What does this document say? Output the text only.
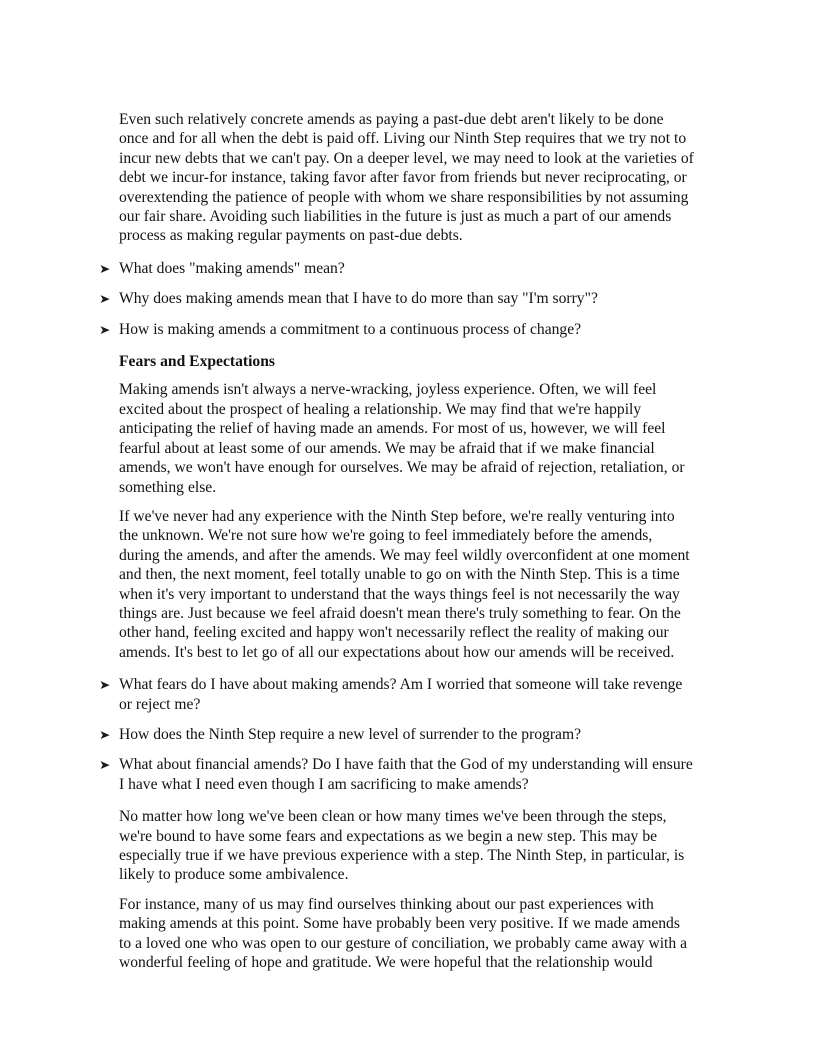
Even such relatively concrete amends as paying a past-due debt aren't likely to be done once and for all when the debt is paid off. Living our Ninth Step requires that we try not to incur new debts that we can't pay. On a deeper level, we may need to look at the varieties of debt we incur-for instance, taking favor after favor from friends but never reciprocating, or overextending the patience of people with whom we share responsibilities by not assuming our fair share. Avoiding such liabilities in the future is just as much a part of our amends process as making regular payments on past-due debts.

➤ What does "making amends" mean?
➤ Why does making amends mean that I have to do more than say "I'm sorry"?
➤ How is making amends a commitment to a continuous process of change?
Fears and Expectations

Making amends isn't always a nerve-wracking, joyless experience. Often, we will feel excited about the prospect of healing a relationship. We may find that we're happily anticipating the relief of having made an amends. For most of us, however, we will feel fearful about at least some of our amends. We may be afraid that if we make financial amends, we won't have enough for ourselves. We may be afraid of rejection, retaliation, or something else.

If we've never had any experience with the Ninth Step before, we're really venturing into the unknown. We're not sure how we're going to feel immediately before the amends, during the amends, and after the amends. We may feel wildly overconfident at one moment and then, the next moment, feel totally unable to go on with the Ninth Step. This is a time when it's very important to understand that the ways things feel is not necessarily the way things are. Just because we feel afraid doesn't mean there's truly something to fear. On the other hand, feeling excited and happy won't necessarily reflect the reality of making our amends. It's best to let go of all our expectations about how our amends will be received.

➤ What fears do I have about making amends? Am I worried that someone will take revenge or reject me?
➤ How does the Ninth Step require a new level of surrender to the program?
➤ What about financial amends? Do I have faith that the God of my understanding will ensure I have what I need even though I am sacrificing to make amends?

No matter how long we've been clean or how many times we've been through the steps, we're bound to have some fears and expectations as we begin a new step. This may be especially true if we have previous experience with a step. The Ninth Step, in particular, is likely to produce some ambivalence.

For instance, many of us may find ourselves thinking about our past experiences with making amends at this point. Some have probably been very positive. If we made amends to a loved one who was open to our gesture of conciliation, we probably came away with a wonderful feeling of hope and gratitude. We were hopeful that the relationship would
